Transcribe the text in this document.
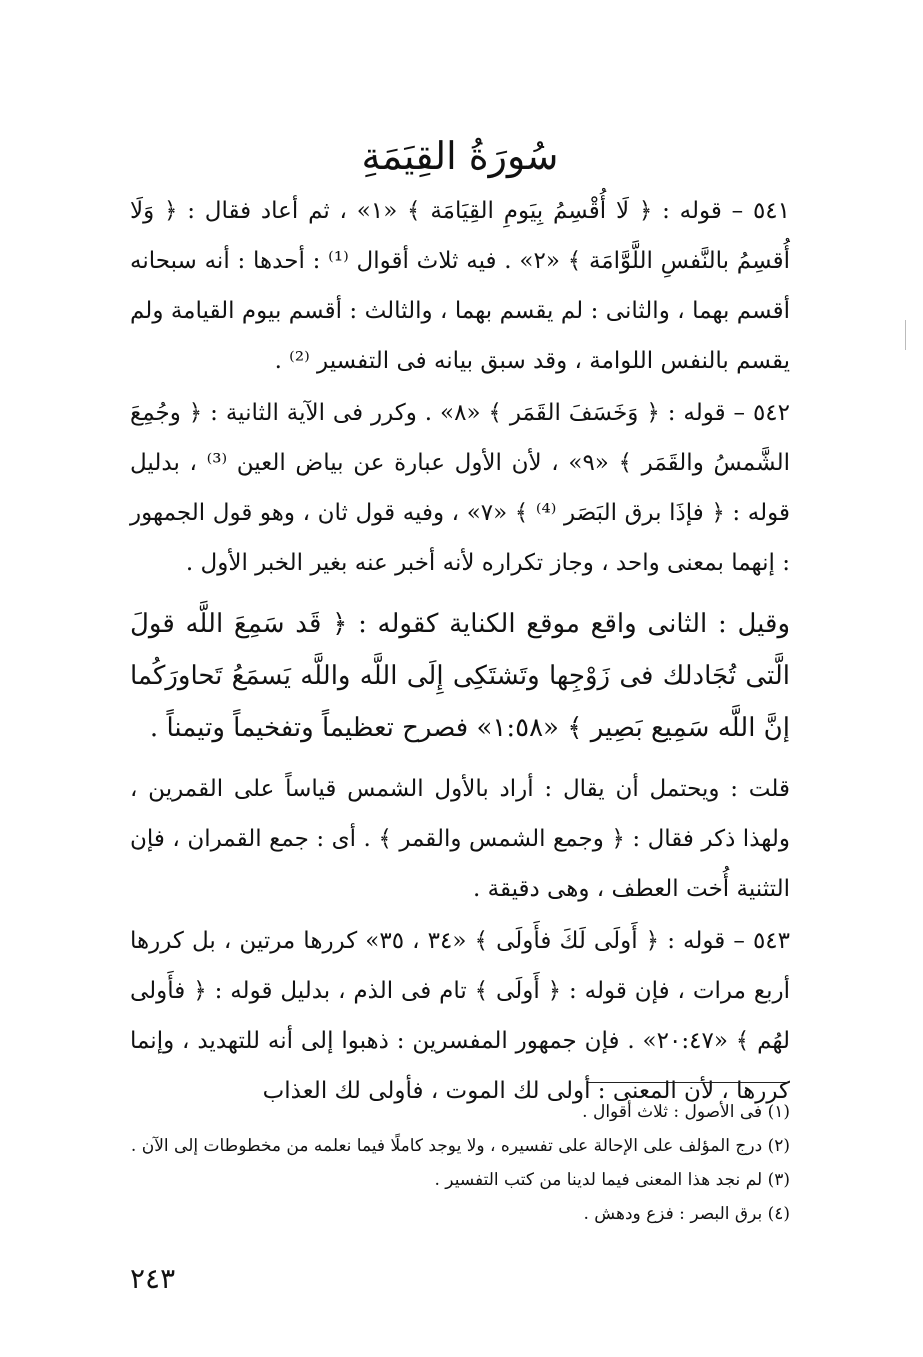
سُورَةُ القِيَمَةِ

٥٤١ – قوله : ﴿ لَا أُقْسِمُ بِيَومِ القِيَامَة ﴾ «١» ، ثم أعاد فقال : ﴿ وَلَا أُقسِمُ بالنَّفسِ اللَّوَّامَة ﴾ «٢» . فيه ثلاث أقوال ⁽¹⁾ : أحدها : أنه سبحانه أقسم بهما ، والثانى : لم يقسم بهما ، والثالث : أقسم بيوم القيامة ولم يقسم بالنفس اللوامة ، وقد سبق بيانه فى التفسير ⁽²⁾ .

٥٤٢ – قوله : ﴿ وَخَسَفَ القَمَر ﴾ «٨» . وكرر فى الآية الثانية : ﴿ وجُمِعَ الشَّمسُ والقَمَر ﴾ «٩» ، لأن الأول عبارة عن بياض العين ⁽³⁾ ، بدليل قوله : ﴿ فإذَا برق البَصَر ⁽⁴⁾ ﴾ «٧» ، وفيه قول ثان ، وهو قول الجمهور : إنهما بمعنى واحد ، وجاز تكراره لأنه أخبر عنه بغير الخبر الأول .

وقيل : الثانى واقع موقع الكناية كقوله : ﴿ قَد سَمِعَ اللَّه قولَ الَّتى تُجَادلك فى زَوْجِها وتَشتَكِى إِلَى اللَّه واللَّه يَسمَعُ تَحاورَكُما إنَّ اللَّه سَمِيع بَصِير ﴾ «١:٥٨» فصرح تعظيماً وتفخيماً وتيمناً .

قلت : ويحتمل أن يقال : أراد بالأول الشمس قياساً على القمرين ، ولهذا ذكر فقال : ﴿ وجمع الشمس والقمر ﴾ . أى : جمع القمران ، فإن التثنية أُخت العطف ، وهى دقيقة .

٥٤٣ – قوله : ﴿ أَولَى لَكَ فأَولَى ﴾ «٣٤ ، ٣٥» كررها مرتين ، بل كررها أربع مرات ، فإن قوله : ﴿ أَولَى ﴾ تام فى الذم ، بدليل قوله : ﴿ فأَولى لهُم ﴾ «٢٠:٤٧» . فإن جمهور المفسرين : ذهبوا إلى أنه للتهديد ، وإنما كررها ، لأن المعنى : أولى لك الموت ، فأولى لك العذاب

(١) فى الأصول : ثلاث أقوال .

(٢) درج المؤلف على الإحالة على تفسيره ، ولا يوجد كاملًا فيما نعلمه من مخطوطات إلى الآن .

(٣) لم نجد هذا المعنى فيما لدينا من كتب التفسير .

(٤) برق البصر : فزع ودهش .

٢٤٣
